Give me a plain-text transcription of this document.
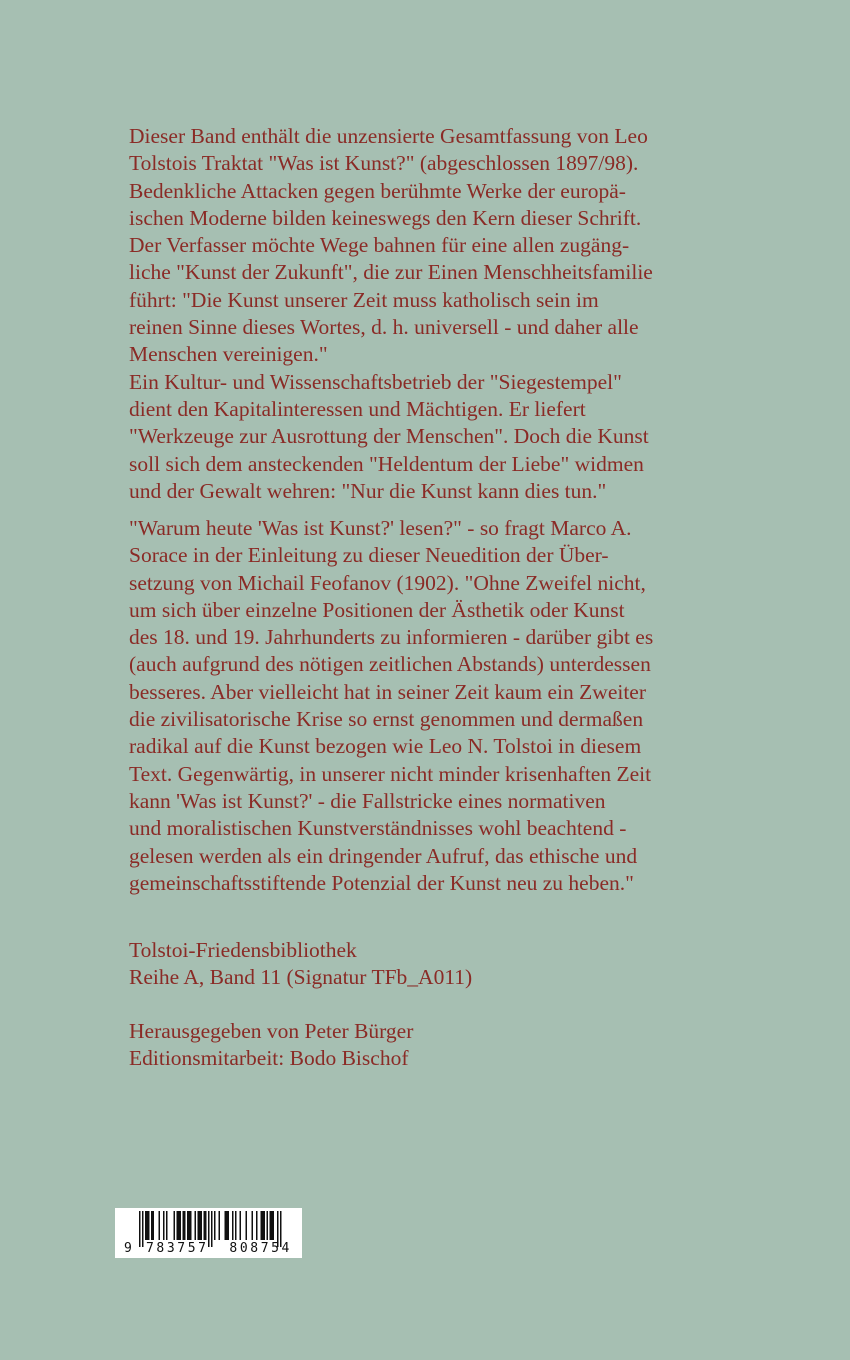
Dieser Band enthält die unzensierte Gesamtfassung von Leo
Tolstois Traktat "Was ist Kunst?" (abgeschlossen 1897/98).
Bedenkliche Attacken gegen berühmte Werke der europä-
ischen Moderne bilden keineswegs den Kern dieser Schrift.
Der Verfasser möchte Wege bahnen für eine allen zugäng-
liche "Kunst der Zukunft", die zur Einen Menschheitsfamilie
führt: "Die Kunst unserer Zeit muss katholisch sein im
reinen Sinne dieses Wortes, d. h. universell - und daher alle
Menschen vereinigen."
Ein Kultur- und Wissenschaftsbetrieb der "Siegestempel"
dient den Kapitalinteressen und Mächtigen. Er liefert
"Werkzeuge zur Ausrottung der Menschen". Doch die Kunst
soll sich dem ansteckenden "Heldentum der Liebe" widmen
und der Gewalt wehren: "Nur die Kunst kann dies tun."
"Warum heute 'Was ist Kunst?' lesen?" - so fragt Marco A.
Sorace in der Einleitung zu dieser Neuedition der Über-
setzung von Michail Feofanov (1902). "Ohne Zweifel nicht,
um sich über einzelne Positionen der Ästhetik oder Kunst
des 18. und 19. Jahrhunderts zu informieren - darüber gibt es
(auch aufgrund des nötigen zeitlichen Abstands) unterdessen
besseres. Aber vielleicht hat in seiner Zeit kaum ein Zweiter
die zivilisatorische Krise so ernst genommen und dermaßen
radikal auf die Kunst bezogen wie Leo N. Tolstoi in diesem
Text. Gegenwärtig, in unserer nicht minder krisenhaften Zeit
kann 'Was ist Kunst?' - die Fallstricke eines normativen
und moralistischen Kunstverständnisses wohl beachtend -
gelesen werden als ein dringender Aufruf, das ethische und
gemeinschaftsstiftende Potenzial der Kunst neu zu heben."
Tolstoi-Friedensbibliothek
Reihe A, Band 11 (Signatur TFb_A011)
Herausgegeben von Peter Bürger
Editionsmitarbeit: Bodo Bischof
9 783757 808754
